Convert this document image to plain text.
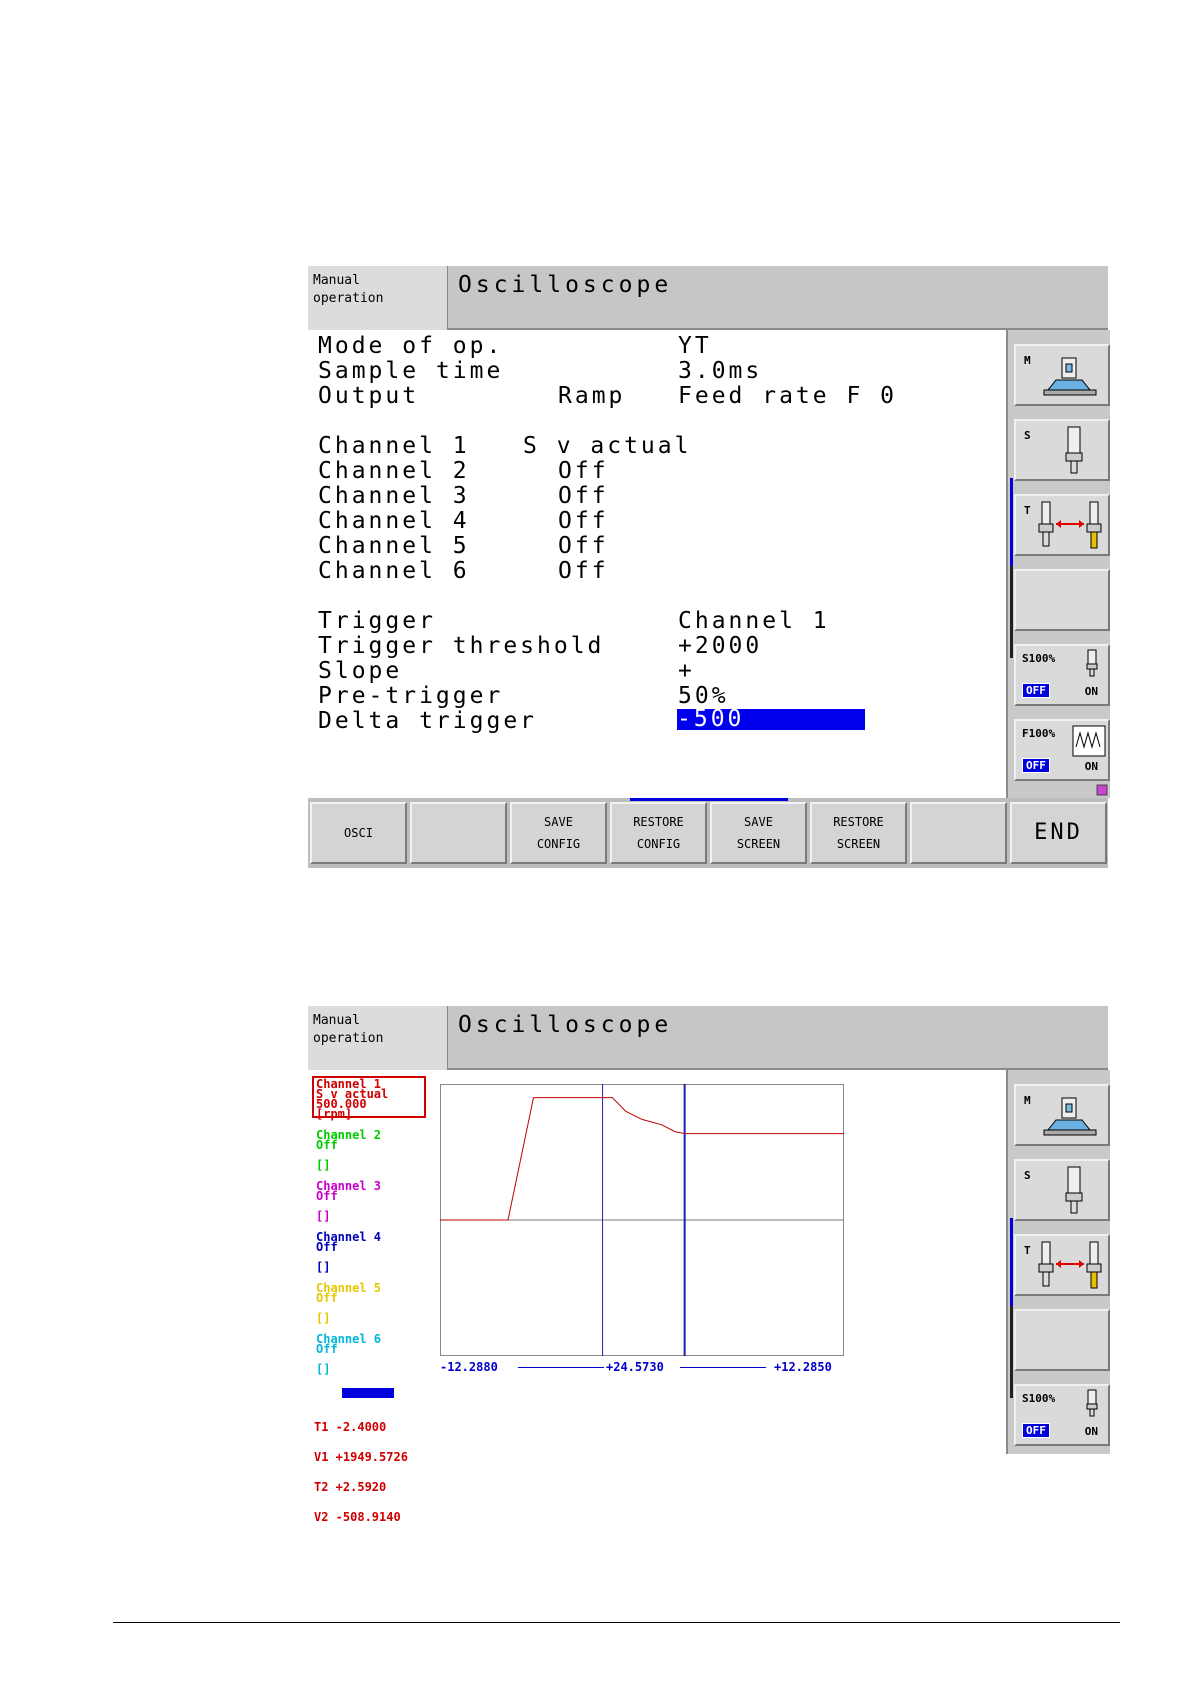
Manual
operation
Oscilloscope
Mode of op.	YT
Sample time	3.0ms
Output	Ramp Feed rate F 0
Channel 1 S v actual
Channel 2	Off
Channel 3	Off
Channel 4	Off
Channel 5	Off
Channel 6	Off
Trigger	Channel 1
Trigger threshold	+2000
Slope	+
Pre-trigger	50%
Delta trigger	-500
M
S
T
S100%
OFF	ON
F100%
OFF	ON
OSCI
SAVE
CONFIG
RESTORE
CONFIG
SAVE
SCREEN
RESTORE
SCREEN	END
Manual
operation
Oscilloscope
Channel 1
S v actual
500.000
[rpm]
Channel 2
Off
[]
Channel 3
Off
[]
Channel 4
Off
[]
Channel 5
Off
[]
Channel 6
Off
[]

T1 -2.4000

V1 +1949.5726

T2 +2.5920

V2 -508.9140

-12.2880	+24.5730	+12.2850
M
S
T
S100%
OFF	ON
